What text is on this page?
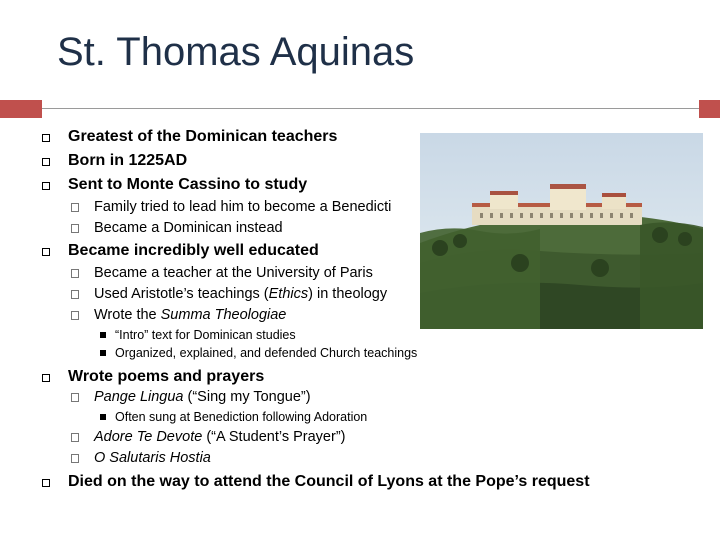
St. Thomas Aquinas
Greatest of the Dominican teachers
Born in 1225AD
Sent to Monte Cassino to study
Family tried to lead him to become a Benedicti
Became a Dominican instead
Became incredibly well educated
Became a teacher at the University of Paris
Used Aristotle’s teachings (Ethics) in theology
Wrote the Summa Theologiae
“Intro” text for Dominican studies
Organized, explained, and defended Church teachings
Wrote poems and prayers
Pange Lingua (“Sing my Tongue”)
Often sung at Benediction following Adoration
Adore Te Devote (“A Student’s Prayer”)
O Salutaris Hostia
Died on the way to attend the Council of Lyons at the Pope’s request
